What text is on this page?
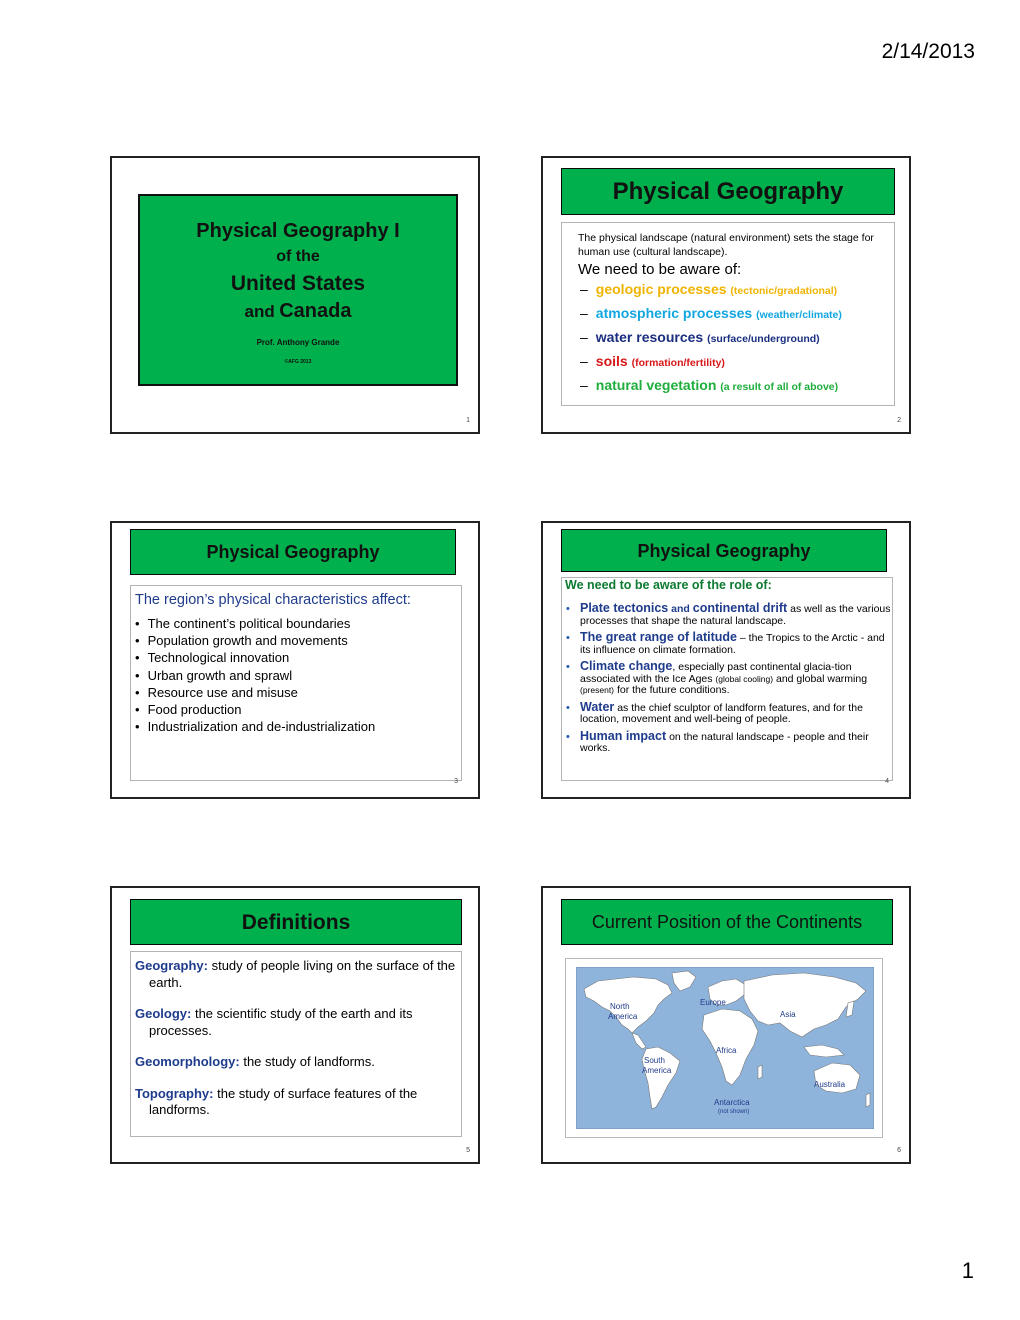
2/14/2013
Physical Geography I
of the
United States
and Canada
Prof. Anthony Grande
©AFG 2013
1
Physical Geography
The physical landscape (natural environment) sets the stage for human use (cultural landscape).
We need to be aware of:
– geologic processes (tectonic/gradational)
– atmospheric processes (weather/climate)
– water resources (surface/underground)
– soils (formation/fertility)
– natural vegetation (a result of all of above)
2
Physical Geography
The region’s physical characteristics affect:
• The continent’s political boundaries
• Population growth and movements
• Technological innovation
• Urban growth and sprawl
• Resource use and misuse
• Food production
• Industrialization and de-industrialization
3
Physical Geography
We need to be aware of the role of:
• Plate tectonics and continental drift as well as the various processes that shape the natural landscape.
• The great range of latitude – the Tropics to the Arctic - and its influence on climate formation.
• Climate change, especially past continental glacia-tion associated with the Ice Ages (global cooling) and global warming (present) for the future conditions.
• Water as the chief sculptor of landform features, and for the location, movement and well-being of people.
• Human impact on the natural landscape - people and their works.
4
Definitions
Geography: study of people living on the surface of the earth.
Geology: the scientific study of the earth and its processes.
Geomorphology: the study of landforms.
Topography: the study of surface features of the landforms.
5
Current Position of the Continents
North
America
Europe
Asia
Africa
South
America
Australia
Antarctica
(not shown)
6
1
